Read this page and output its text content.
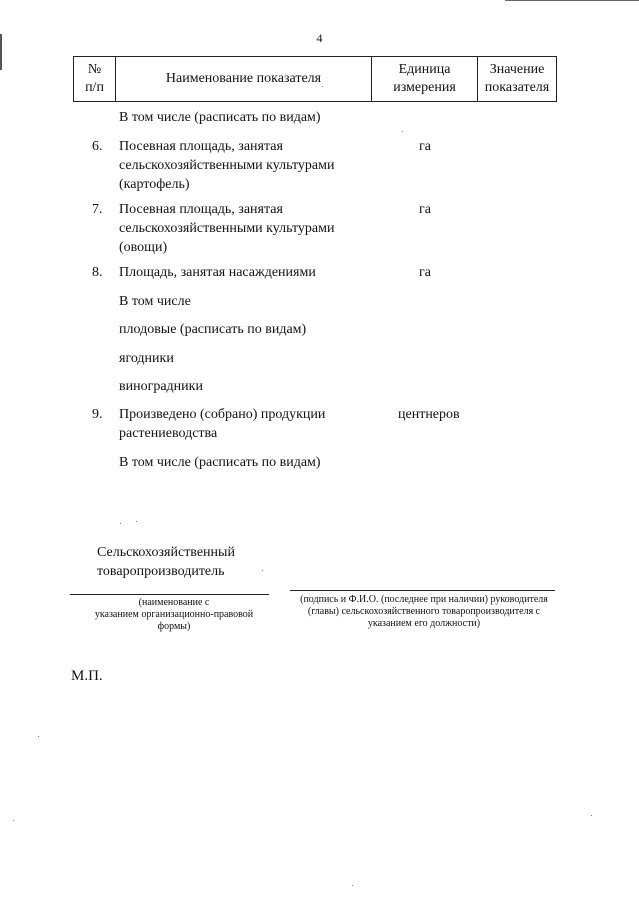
4
№
п/п
Наименование показателя
Единица
измерения
Значение
показателя
В том числе (расписать по видам)
6. Посевная площадь, занятая
сельскохозяйственными культурами
(картофель)
га
7. Посевная площадь, занятая
сельскохозяйственными культурами
(овощи)
га
8. Площадь, занятая насаждениями	га
В том числе
плодовые (расписать по видам)
ягодники
виноградники
9. Произведено (собрано) продукции
растениеводства
центнеров
В том числе (расписать по видам)
Сельскохозяйственный
товаропроизводитель
(наименование с
указанием организационно-правовой
формы)
(подпись и Ф.И.О. (последнее при наличии) руководителя
(главы) сельскохозяйственного товаропроизводителя с
указанием его должности)
М.П.
